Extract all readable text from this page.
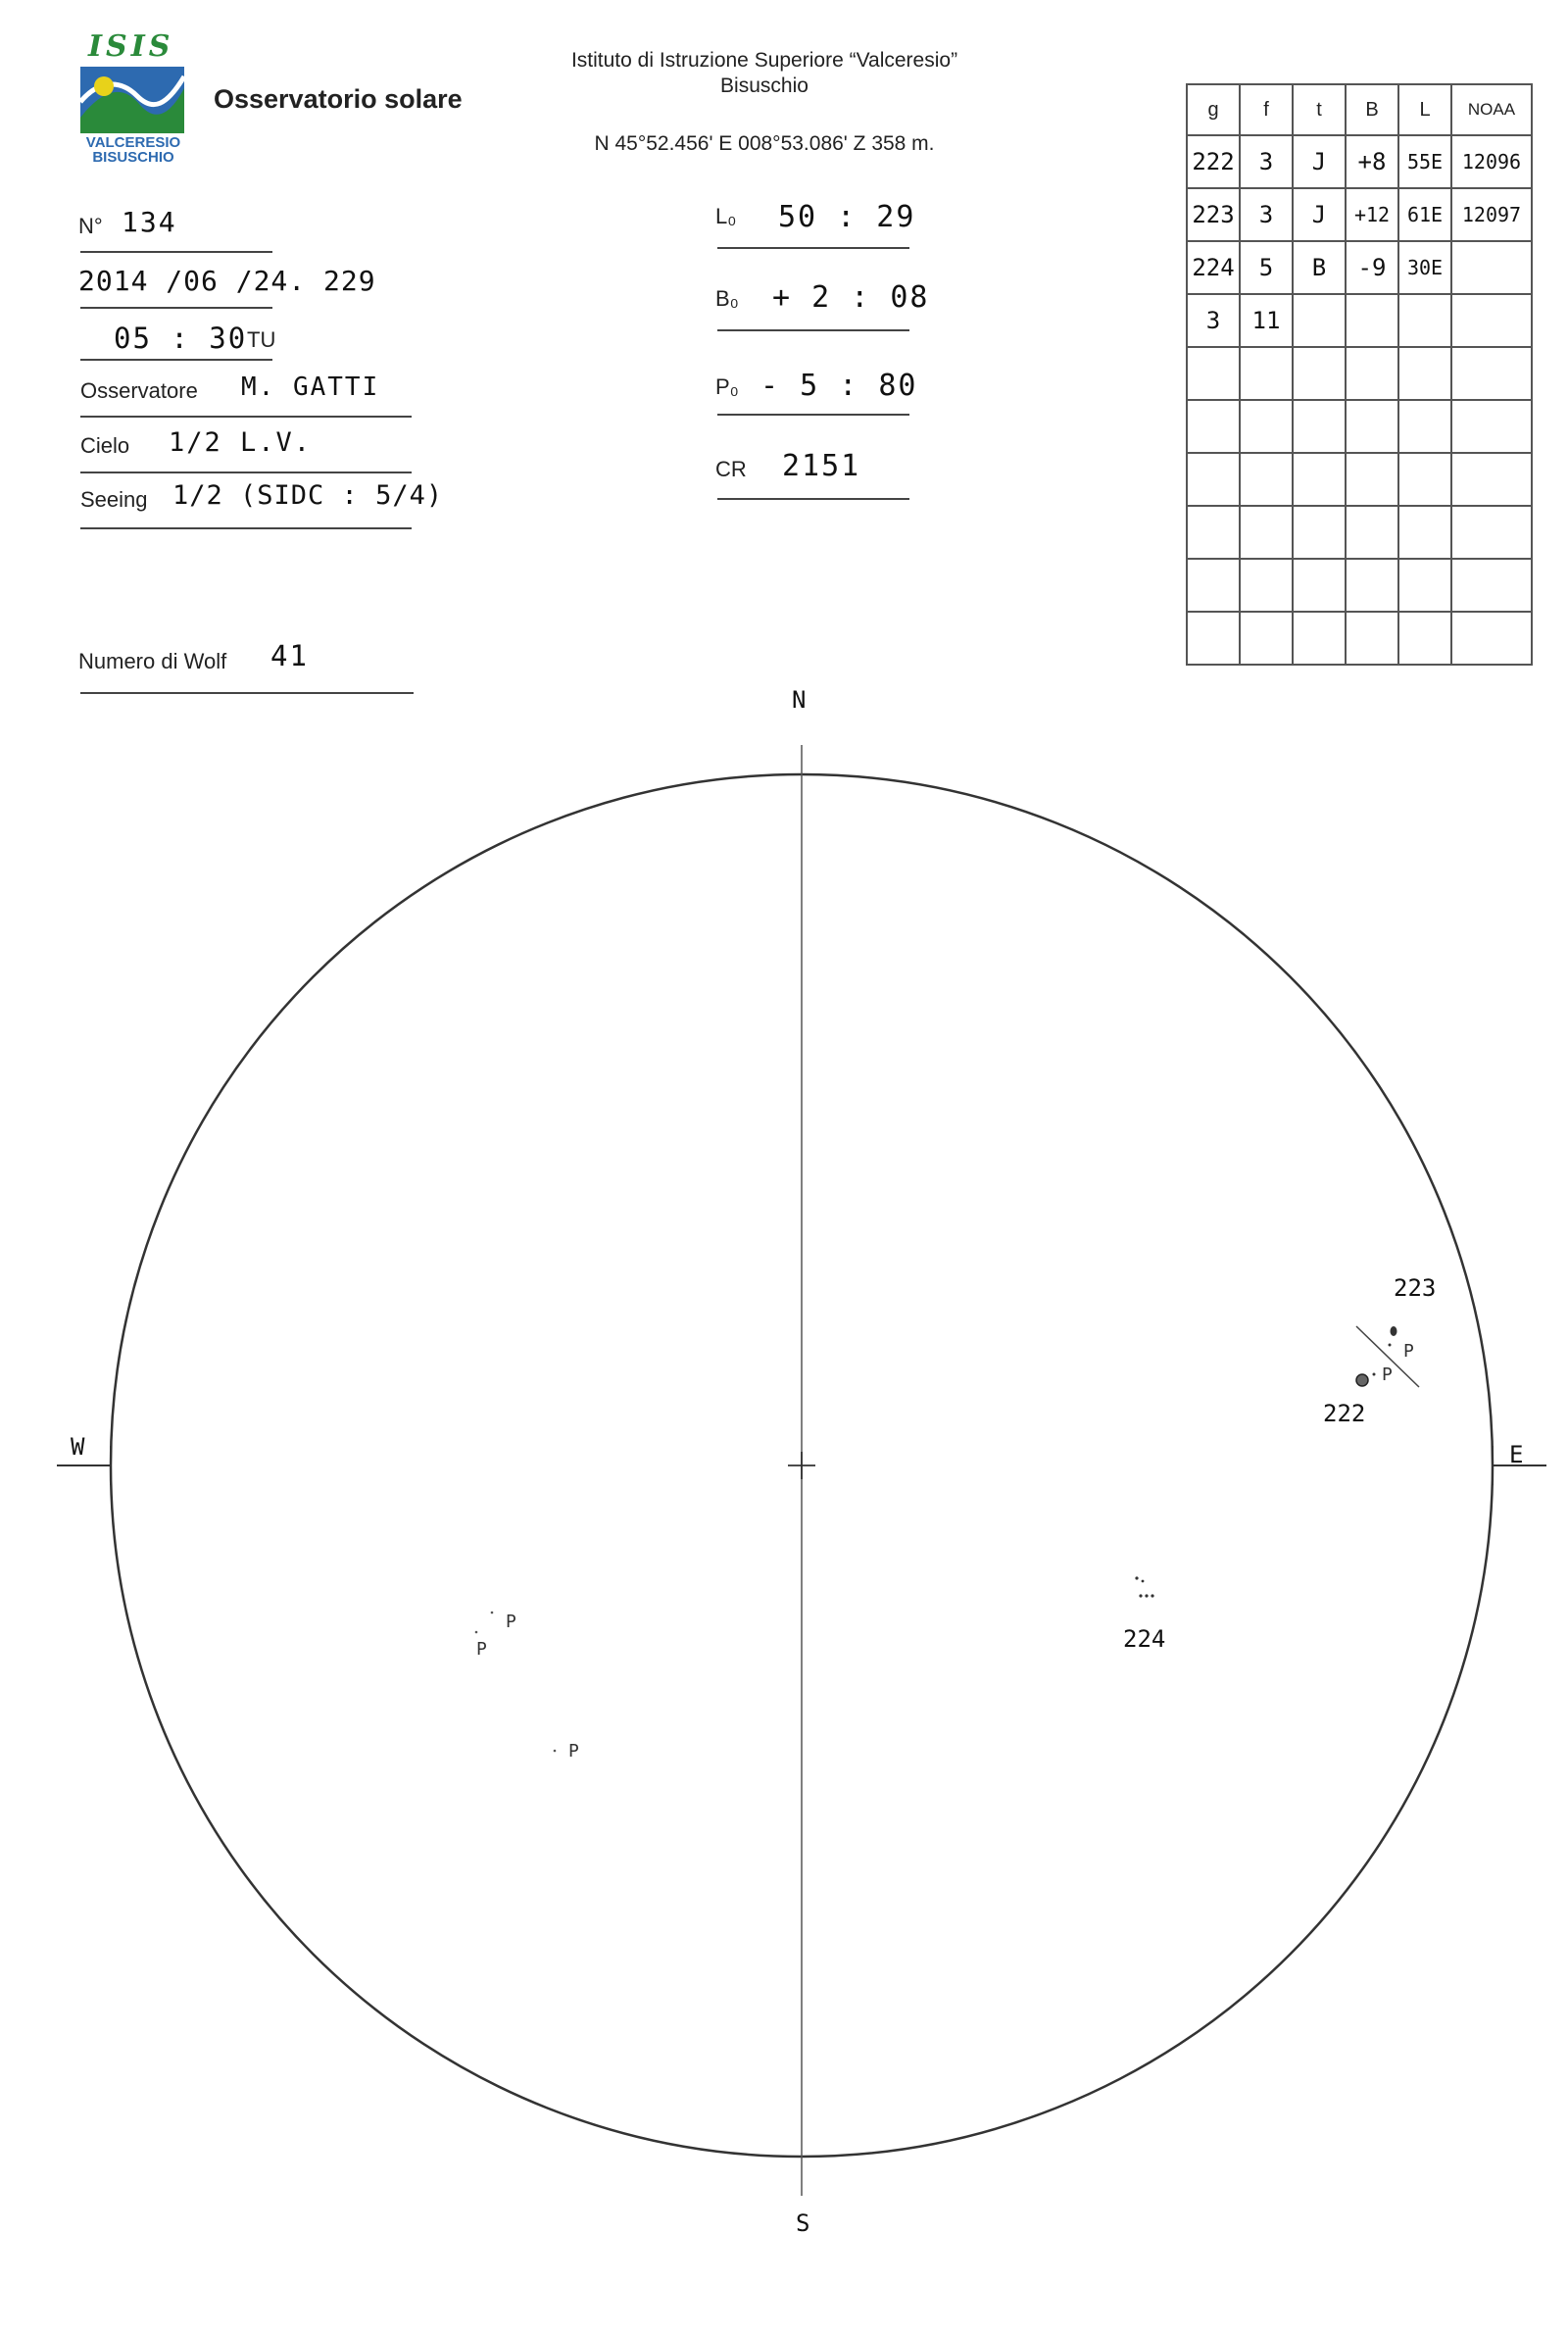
ISIS
VALCERESIO
BISUSCHIO
Osservatorio solare
Istituto di Istruzione Superiore “Valceresio”
Bisuschio
N 45°52.456' E 008°53.086' Z 358 m.
N° 134
2014 /06 /24. 229
05 : 30 TU
Osservatore M. GATTI
Cielo 1/2 L.V.
Seeing 1/2 (SIDC : 5/4)
Numero di Wolf 41
L₀ 50 : 29
B₀ + 2 : 08
P₀ - 5 : 80
CR 2151
g	f	t	B	L	NOAA
222	3	J	+8	55E	12096
223	3	J	+12	61E	12097
224	5	B	-9	30E	
3	11				

N
S
W	E
223
222
224
P
P
P
P
P
